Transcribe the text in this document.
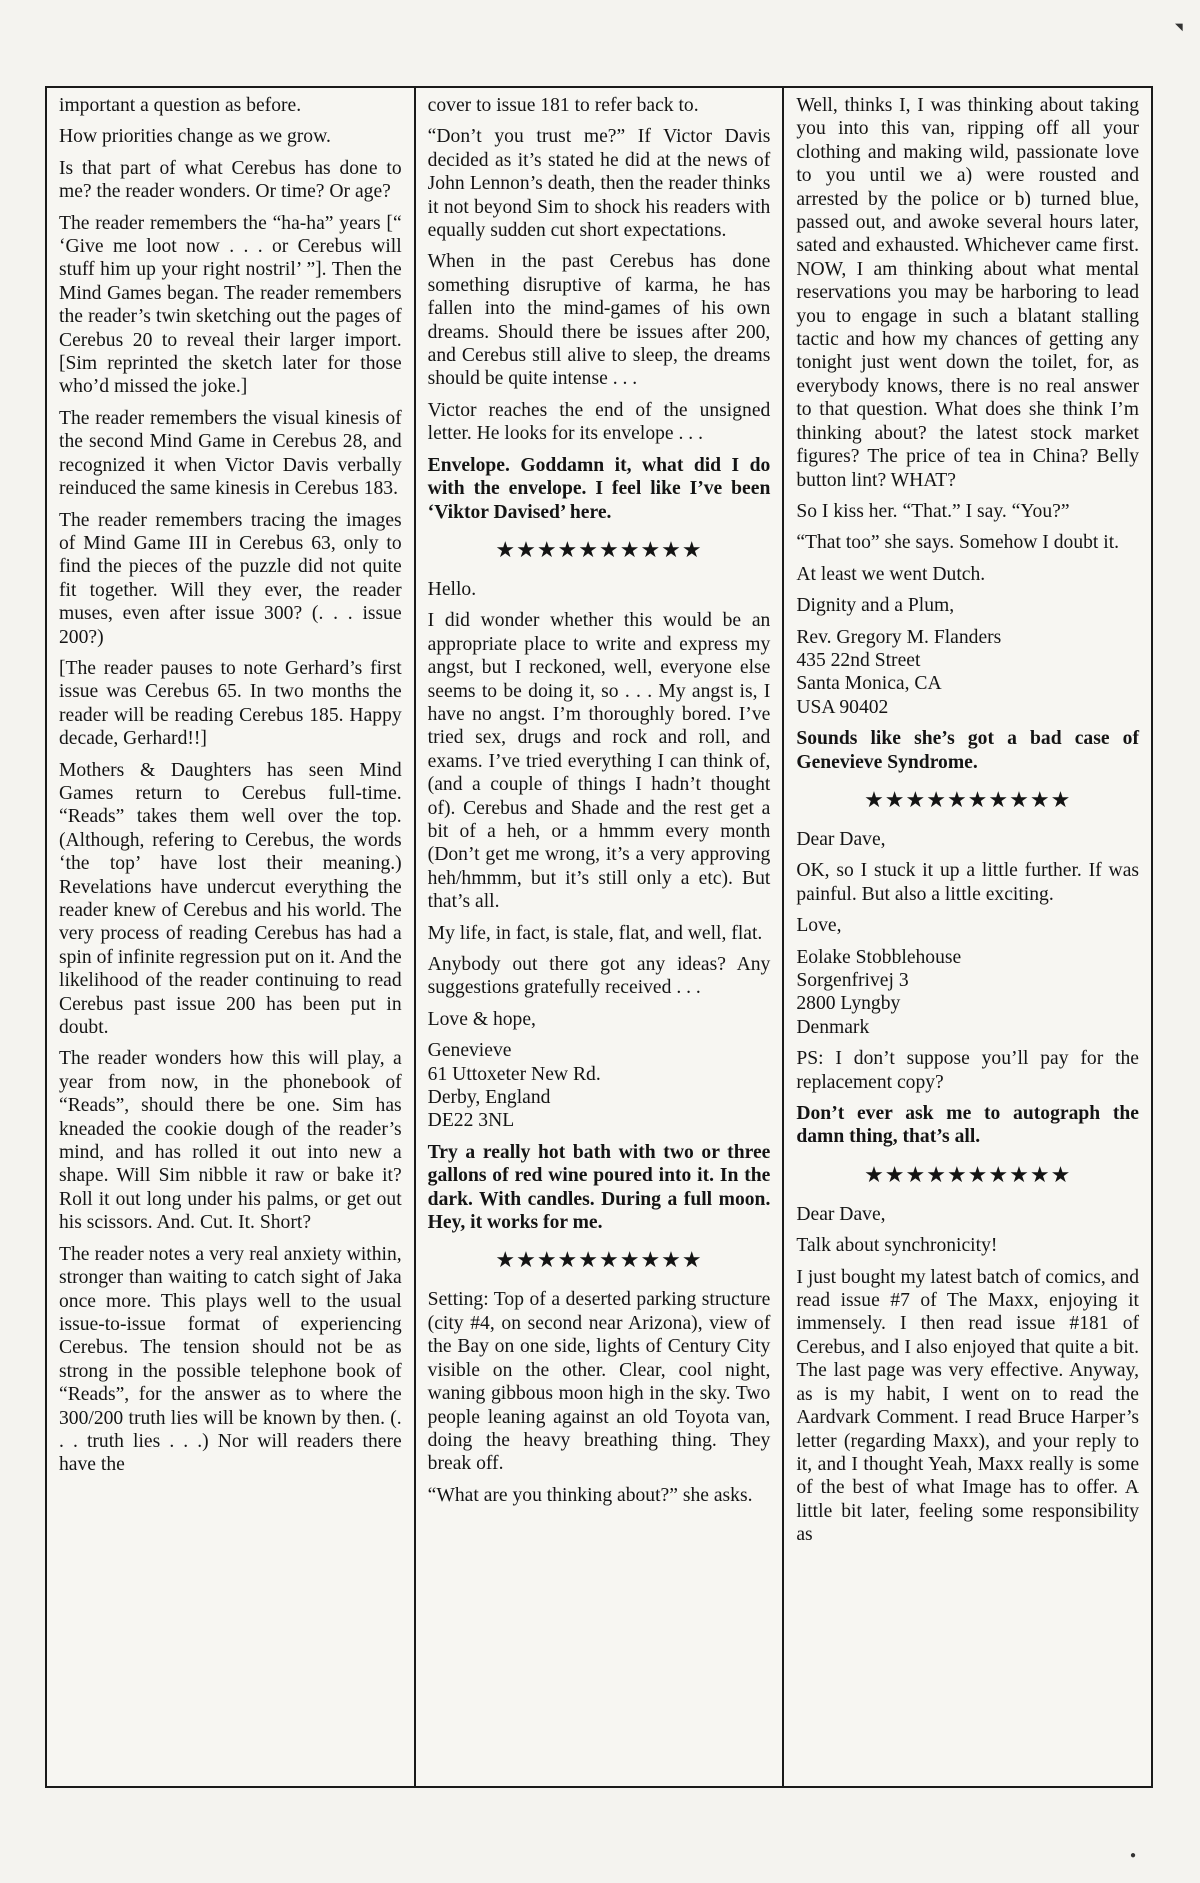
important a question as before.

How priorities change as we grow.

Is that part of what Cerebus has done to me? the reader wonders. Or time? Or age?

The reader remembers the “ha-ha” years [“ ‘Give me loot now . . . or Cerebus will stuff him up your right nostril’ ”]. Then the Mind Games began. The reader remembers the reader’s twin sketching out the pages of Cerebus 20 to reveal their larger import. [Sim reprinted the sketch later for those who’d missed the joke.]

The reader remembers the visual kinesis of the second Mind Game in Cerebus 28, and recognized it when Victor Davis verbally reinduced the same kinesis in Cerebus 183.

The reader remembers tracing the images of Mind Game III in Cerebus 63, only to find the pieces of the puzzle did not quite fit together. Will they ever, the reader muses, even after issue 300? (. . . issue 200?)

[The reader pauses to note Gerhard’s first issue was Cerebus 65. In two months the reader will be reading Cerebus 185. Happy decade, Gerhard!!]

Mothers & Daughters has seen Mind Games return to Cerebus full-time. “Reads” takes them well over the top. (Although, refering to Cerebus, the words ‘the top’ have lost their meaning.) Revelations have undercut everything the reader knew of Cerebus and his world. The very process of reading Cerebus has had a spin of infinite regression put on it. And the likelihood of the reader continuing to read Cerebus past issue 200 has been put in doubt.

The reader wonders how this will play, a year from now, in the phonebook of “Reads”, should there be one. Sim has kneaded the cookie dough of the reader’s mind, and has rolled it out into new a shape. Will Sim nibble it raw or bake it? Roll it out long under his palms, or get out his scissors. And. Cut. It. Short?

The reader notes a very real anxiety within, stronger than waiting to catch sight of Jaka once more. This plays well to the usual issue-to-issue format of experiencing Cerebus. The tension should not be as strong in the possible telephone book of “Reads”, for the answer as to where the 300/200 truth lies will be known by then. (. . . truth lies . . .) Nor will readers there have the

cover to issue 181 to refer back to.

“Don’t you trust me?” If Victor Davis decided as it’s stated he did at the news of John Lennon’s death, then the reader thinks it not beyond Sim to shock his readers with equally sudden cut short expectations.

When in the past Cerebus has done something disruptive of karma, he has fallen into the mind-games of his own dreams. Should there be issues after 200, and Cerebus still alive to sleep, the dreams should be quite intense . . .

Victor reaches the end of the unsigned letter. He looks for its envelope . . .

Envelope. Goddamn it, what did I do with the envelope. I feel like I’ve been ‘Viktor Davised’ here.

★★★★★★★★★★

Hello.

I did wonder whether this would be an appropriate place to write and express my angst, but I reckoned, well, everyone else seems to be doing it, so . . . My angst is, I have no angst. I’m thoroughly bored. I’ve tried sex, drugs and rock and roll, and exams. I’ve tried everything I can think of, (and a couple of things I hadn’t thought of). Cerebus and Shade and the rest get a bit of a heh, or a hmmm every month (Don’t get me wrong, it’s a very approving heh/hmmm, but it’s still only a etc). But that’s all.

My life, in fact, is stale, flat, and well, flat.

Anybody out there got any ideas? Any suggestions gratefully received . . .

Love & hope,

Genevieve
61 Uttoxeter New Rd.
Derby, England
DE22 3NL

Try a really hot bath with two or three gallons of red wine poured into it. In the dark. With candles. During a full moon. Hey, it works for me.

★★★★★★★★★★

Setting: Top of a deserted parking structure (city #4, on second near Arizona), view of the Bay on one side, lights of Century City visible on the other. Clear, cool night, waning gibbous moon high in the sky. Two people leaning against an old Toyota van, doing the heavy breathing thing. They break off.

“What are you thinking about?” she asks.

Well, thinks I, I was thinking about taking you into this van, ripping off all your clothing and making wild, passionate love to you until we a) were rousted and arrested by the police or b) turned blue, passed out, and awoke several hours later, sated and exhausted. Whichever came first. NOW, I am thinking about what mental reservations you may be harboring to lead you to engage in such a blatant stalling tactic and how my chances of getting any tonight just went down the toilet, for, as everybody knows, there is no real answer to that question. What does she think I’m thinking about? the latest stock market figures? The price of tea in China? Belly button lint? WHAT?

So I kiss her. “That.” I say. “You?”

“That too” she says. Somehow I doubt it.

At least we went Dutch.

Dignity and a Plum,

Rev. Gregory M. Flanders
435 22nd Street
Santa Monica, CA
USA 90402

Sounds like she’s got a bad case of Genevieve Syndrome.

★★★★★★★★★★

Dear Dave,

OK, so I stuck it up a little further. If was painful. But also a little exciting.

Love,

Eolake Stobblehouse
Sorgenfrivej 3
2800 Lyngby
Denmark

PS: I don’t suppose you’ll pay for the replacement copy?

Don’t ever ask me to autograph the damn thing, that’s all.

★★★★★★★★★★

Dear Dave,

Talk about synchronicity!

I just bought my latest batch of comics, and read issue #7 of The Maxx, enjoying it immensely. I then read issue #181 of Cerebus, and I also enjoyed that quite a bit. The last page was very effective. Anyway, as is my habit, I went on to read the Aardvark Comment. I read Bruce Harper’s letter (regarding Maxx), and your reply to it, and I thought Yeah, Maxx really is some of the best of what Image has to offer. A little bit later, feeling some responsibility as

◥
●
